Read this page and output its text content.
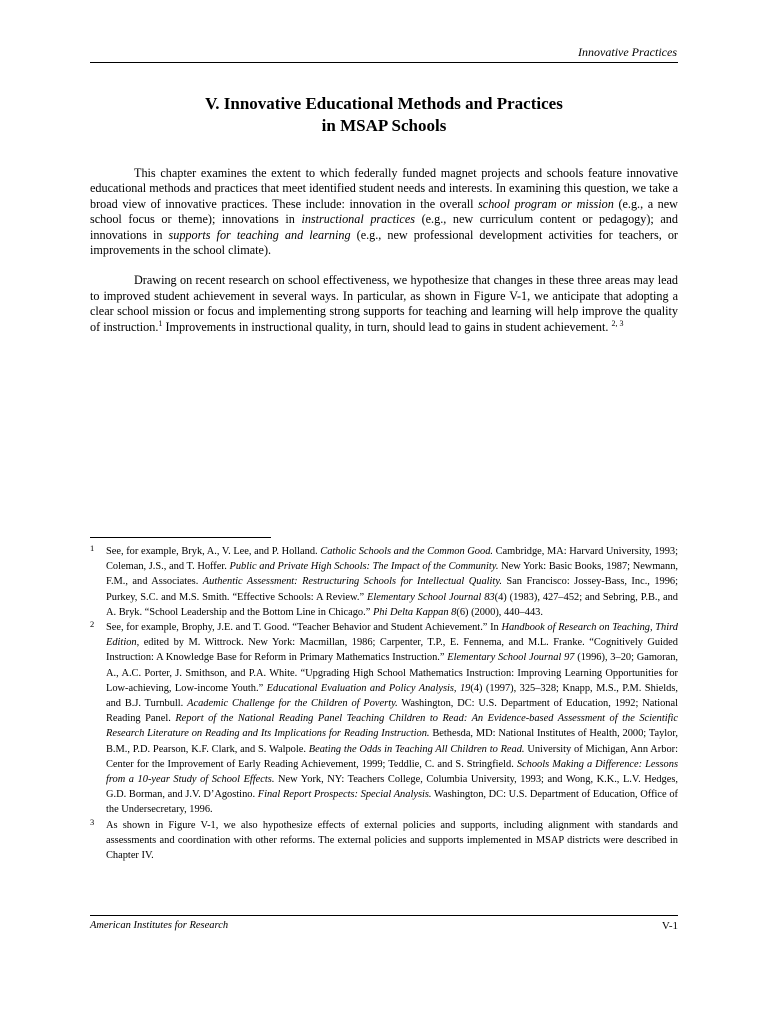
Innovative Practices
V. Innovative Educational Methods and Practices
in MSAP Schools

This chapter examines the extent to which federally funded magnet projects and schools feature innovative educational methods and practices that meet identified student needs and interests. In examining this question, we take a broad view of innovative practices. These include: innovation in the overall school program or mission (e.g., a new school focus or theme); innovations in instructional practices (e.g., new curriculum content or pedagogy); and innovations in supports for teaching and learning (e.g., new professional development activities for teachers, or improvements in the school climate).

Drawing on recent research on school effectiveness, we hypothesize that changes in these three areas may lead to improved student achievement in several ways. In particular, as shown in Figure V-1, we anticipate that adopting a clear school mission or focus and implementing strong supports for teaching and learning will help improve the quality of instruction.$^1$ Improvements in instructional quality, in turn, should lead to gains in student achievement. $^{2, 3}$

1 See, for example, Bryk, A., V. Lee, and P. Holland. Catholic Schools and the Common Good. Cambridge, MA: Harvard University, 1993; Coleman, J.S., and T. Hoffer. Public and Private High Schools: The Impact of the Community. New York: Basic Books, 1987; Newmann, F.M., and Associates. Authentic Assessment: Restructuring Schools for Intellectual Quality. San Francisco: Jossey-Bass, Inc., 1996; Purkey, S.C. and M.S. Smith. “Effective Schools: A Review.” Elementary School Journal 83(4) (1983), 427–452; and Sebring, P.B., and A. Bryk. “School Leadership and the Bottom Line in Chicago.” Phi Delta Kappan 8(6) (2000), 440–443.
2 See, for example, Brophy, J.E. and T. Good. “Teacher Behavior and Student Achievement.” In Handbook of Research on Teaching, Third Edition, edited by M. Wittrock. New York: Macmillan, 1986; Carpenter, T.P., E. Fennema, and M.L. Franke. “Cognitively Guided Instruction: A Knowledge Base for Reform in Primary Mathematics Instruction.” Elementary School Journal 97 (1996), 3–20; Gamoran, A., A.C. Porter, J. Smithson, and P.A. White. “Upgrading High School Mathematics Instruction: Improving Learning Opportunities for Low-achieving, Low-income Youth.” Educational Evaluation and Policy Analysis, 19(4) (1997), 325–328; Knapp, M.S., P.M. Shields, and B.J. Turnbull. Academic Challenge for the Children of Poverty. Washington, DC: U.S. Department of Education, 1992; National Reading Panel. Report of the National Reading Panel Teaching Children to Read: An Evidence-based Assessment of the Scientific Research Literature on Reading and Its Implications for Reading Instruction. Bethesda, MD: National Institutes of Health, 2000; Taylor, B.M., P.D. Pearson, K.F. Clark, and S. Walpole. Beating the Odds in Teaching All Children to Read. University of Michigan, Ann Arbor: Center for the Improvement of Early Reading Achievement, 1999; Teddlie, C. and S. Stringfield. Schools Making a Difference: Lessons from a 10-year Study of School Effects. New York, NY: Teachers College, Columbia University, 1993; and Wong, K.K., L.V. Hedges, G.D. Borman, and J.V. D’Agostino. Final Report Prospects: Special Analysis. Washington, DC: U.S. Department of Education, Office of the Undersecretary, 1996.
3 As shown in Figure V-1, we also hypothesize effects of external policies and supports, including alignment with standards and assessments and coordination with other reforms. The external policies and supports implemented in MSAP districts were described in Chapter IV.
American Institutes for Research	V-1
